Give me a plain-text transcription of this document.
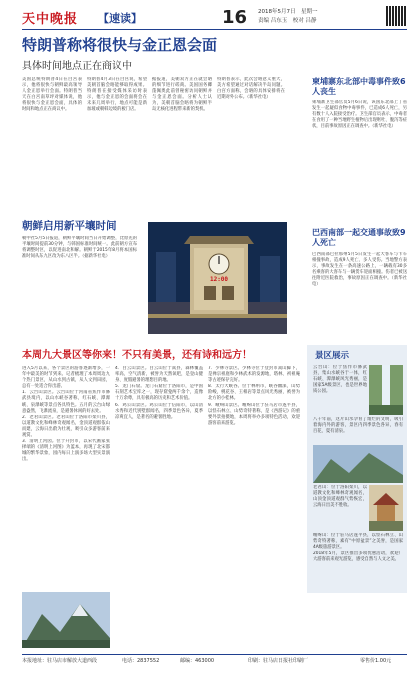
天中晚报 【速读】	16 2018年5月7日　星期一
责编 吕东玉　校对 吕静
特朗普称将很快与金正恩会面
具体时间地点正在商议中

美国总统特朗普4日在白宫表示，他将很快与朝鲜最高领导人金正恩举行会面。特朗普当天在白宫南草坪对媒体说，他将很快与金正恩会面，具体的时间和地点正在商议中。

特朗普4月3日在白宫说，希望美朝首脑会晤能够取得成果。特朗普在接受媒体采访时表示，他与金正恩的会面将会在未来几周举行，地点可能是新加坡或朝韩边境的板门店。

据报道，美朝双方正在就会晤的细节进行磋商。美国国务卿蓬佩奥此前曾秘密访问朝鲜并与金正恩会面。分析人士认为，美朝首脑会晤将为朝鲜半岛无核化进程带来新的契机。

特朗普表示，此次会晤意义重大，美方希望通过对话解决半岛问题。白宫方面称，会晤的具体安排将在近期对外公布。（新华社电）

柬埔寨东北部中毒事件致6人丧生

柬埔寨卫生部官员5月6日说，该国东北部上丁省发生一起疑似食物中毒事件，已造成6人死亡，另有数十人入院接受治疗。卫生部官员表示，中毒者在食用了一种当地野生植物后出现呕吐、腹泻等症状，目前事故原因正在调查中。（新华社电）

巴西南部一起交通事故致9人死亡

巴西南部巴拉那州5月5日发生一起大客车与卡车相撞事故，造成9人死亡、多人受伤。当地警方表示，事故发生在一条高速公路上，一辆载有30多名乘客的大客车与一辆货车迎面相撞。伤者已被送往附近医院救治，事故原因正在调查中。（新华社电）

朝鲜启用新平壤时间

朝中社5月5日报道，朝鲜平壤时间当日开始调整，比原先的平壤时间提前30分钟，与韩国标准时间统一。此前朝方宣布将调整时区，以促进南北和解。朝鲜于2015年8月将本国标准时间从东九区改为东八区半。（据新华社电）

12:00
本周九大景区等你来！不只有美景，还有诗和远方！

进入5月以来，各个景区的游客逐渐增多，一年中最美的时节到来。记者梳理了本周周边九个热门景区，从山水到古镇，从人文到田园，总有一处适合你出游。

1．云台山景区。云台山位于河南省焦作市修武县境内，以山水峡谷著称，红石峡、潭瀑峡、泉瀑峡等景点各具特色。五月的云台山绿意盎然，飞瀑流泉，是避暑休闲的好去处。

2．老君山景区。老君山位于洛阳市栾川县，以道教文化和峰林奇观闻名，金顶道观群依山而建，云海日出蔚为壮观，吸引众多游客前来观赏。

3．清明上河园。位于开封市，以宋代画家张择端的《清明上河图》为蓝本，再现了北宋都城的繁华景象，园内每日上演多场大型实景演出。

4．白云山景区。白云山位于嵩县，森林覆盖率高，空气清新，被誉为天然氧吧，是登山健身、度假避暑的理想目的地。

5．龙门石窟。龙门石窟位于洛阳市，是中国石刻艺术宝库之一，现存窟龛两千余个，造像十万余尊，具有极高的历史和艺术价值。

6．鸡公山景区。鸡公山位于信阳市，以山清水秀和近代别墅群闻名，四季景色各异，夏季凉爽宜人，是著名的避暑胜地。

7．少林寺景区。少林寺位于登封市嵩山脚下，是禅宗祖庭和少林武术的发源地，塔林、初祖庵等古迹保存完好。

8．太行大峡谷。位于林州市，峡谷幽深，山势险峻，桃花谷、王相岩等景点风光秀丽，被誉为北方的小桂林。

9．嵖岈山景区。嵖岈山位于驻马店市遂平县，以怪石林立、山势奇特著称，是《西游记》的重要外景拍摄地，本周将举办多项特色活动，欢迎游客前来游览。

景区展示

云台山：位于焦作市修武县，集山水峡谷于一体，红石峡、潭瀑峡风光秀丽，是国家5A级景区，也是世界地质公园。

八千年前，这片山水孕育了灿烂的文明，吸引着海内外的游客，景区内四季景色各异，春有百花、夏有清泉。

老君山：位于洛阳栾川，以道教文化和峰林奇观闻名，山顶金顶道观群气势恢宏，云海日出美不胜收。

嵖岈山：位于驻马店遂平县，以怪石林立、山势奇特著称，素有“中原盆景”之美誉，是国家4A级旅游景区。

2018年5月，景区推出多项优惠活动，欢迎广大游客前来观光游览，感受自然与人文之美。

本报地址：驻马店市解放大道西段	电话：2837552	邮编：463000	印刷：驻马店日报社印刷厂	零售价1.00元
